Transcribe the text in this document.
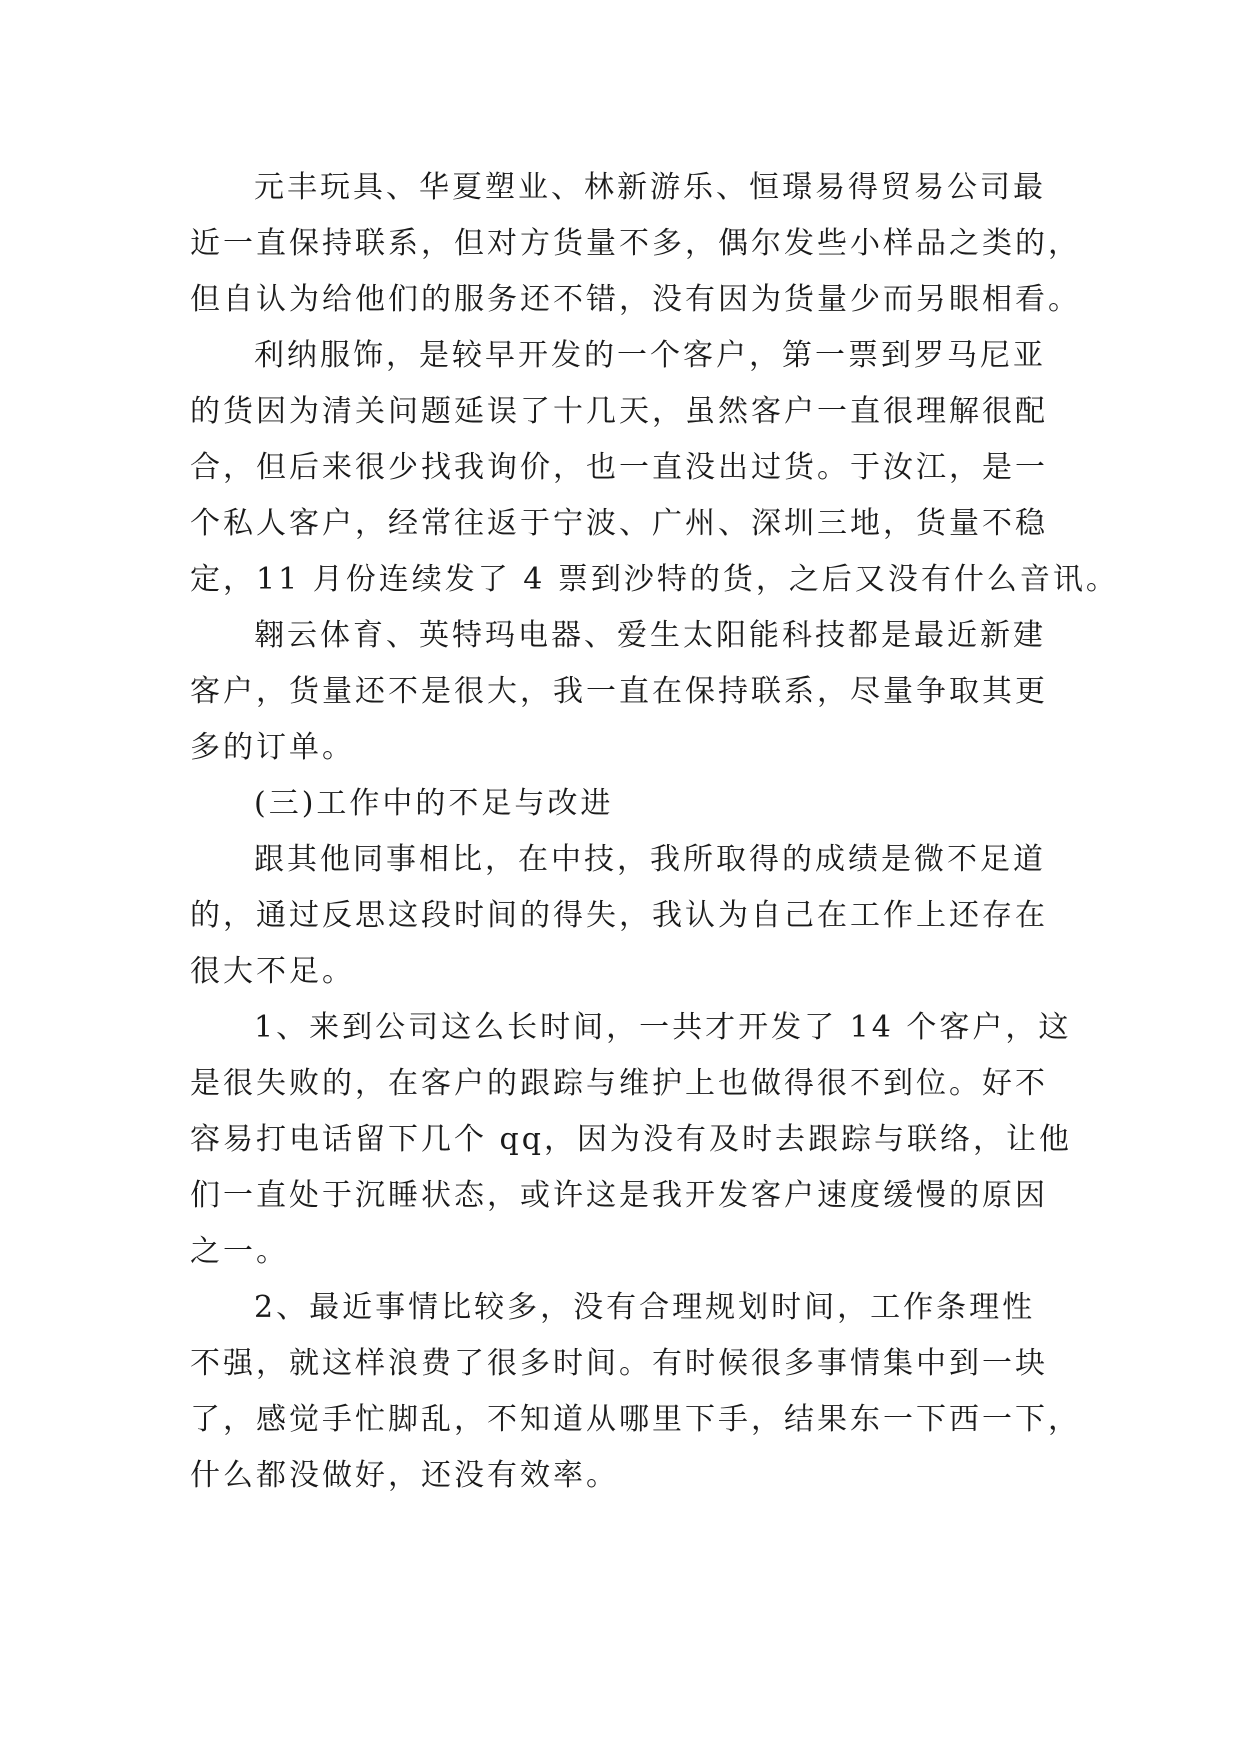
元丰玩具、华夏塑业、林新游乐、恒璟易得贸易公司最
近一直保持联系，但对方货量不多，偶尔发些小样品之类的，
但自认为给他们的服务还不错，没有因为货量少而另眼相看。

利纳服饰，是较早开发的一个客户，第一票到罗马尼亚
的货因为清关问题延误了十几天，虽然客户一直很理解很配
合，但后来很少找我询价，也一直没出过货。于汝江，是一
个私人客户，经常往返于宁波、广州、深圳三地，货量不稳
定，11 月份连续发了 4 票到沙特的货，之后又没有什么音讯。

翱云体育、英特玛电器、爱生太阳能科技都是最近新建
客户，货量还不是很大，我一直在保持联系，尽量争取其更
多的订单。

(三)工作中的不足与改进

跟其他同事相比，在中技，我所取得的成绩是微不足道
的，通过反思这段时间的得失，我认为自己在工作上还存在
很大不足。

1、来到公司这么长时间，一共才开发了 14 个客户，这
是很失败的，在客户的跟踪与维护上也做得很不到位。好不
容易打电话留下几个 qq，因为没有及时去跟踪与联络，让他
们一直处于沉睡状态，或许这是我开发客户速度缓慢的原因
之一。

2、最近事情比较多，没有合理规划时间，工作条理性
不强，就这样浪费了很多时间。有时候很多事情集中到一块
了，感觉手忙脚乱，不知道从哪里下手，结果东一下西一下，
什么都没做好，还没有效率。
